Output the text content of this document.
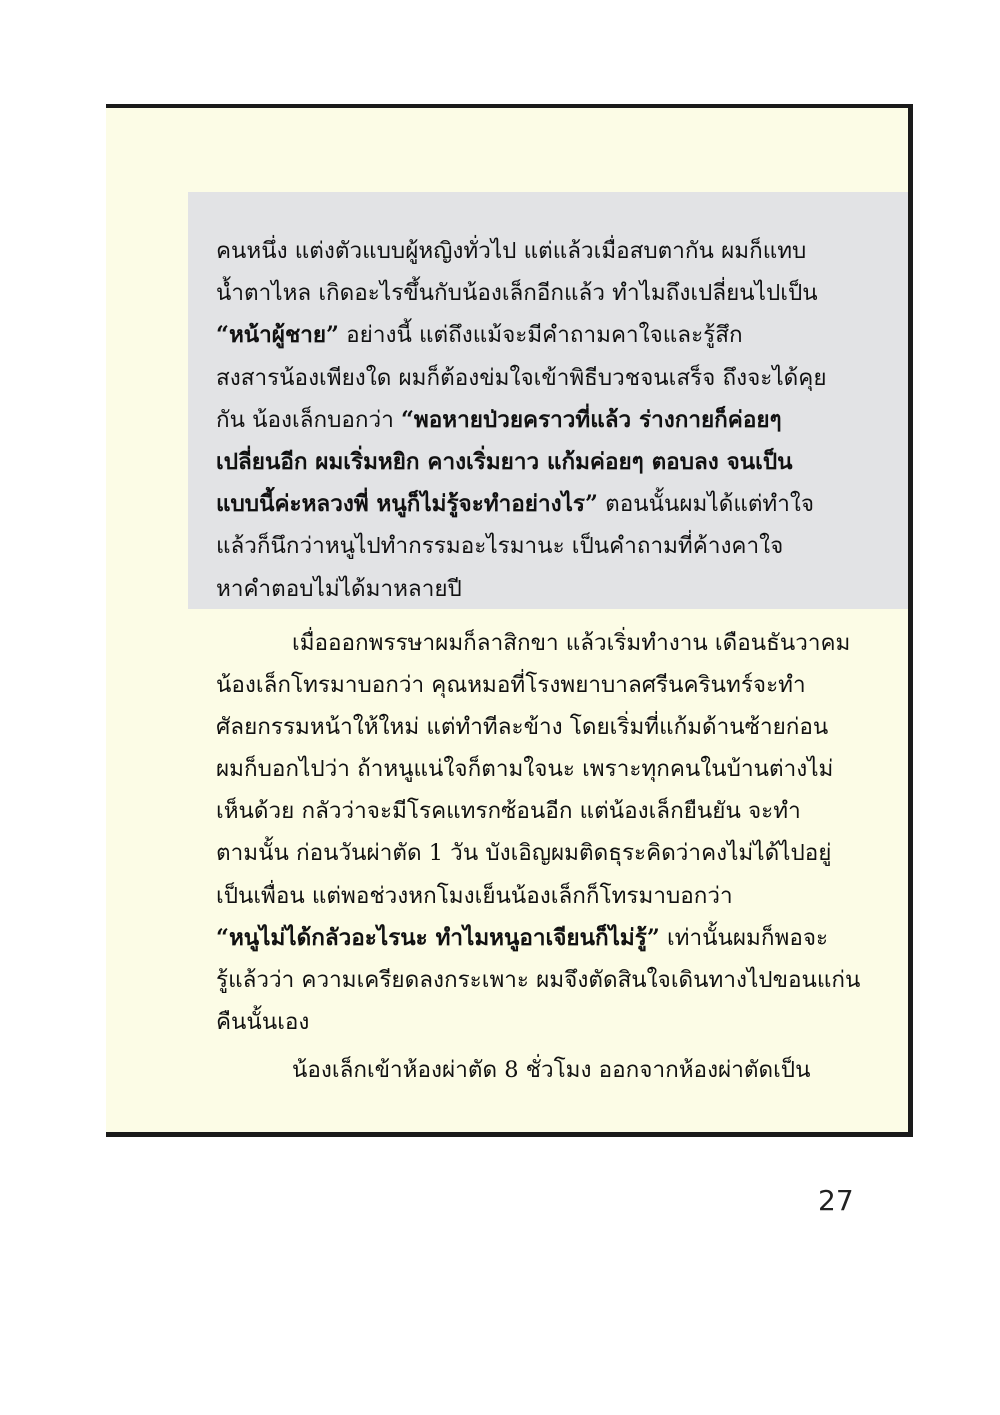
คนหนึ่ง แต่งตัวแบบผู้หญิงทั่วไป แต่แล้วเมื่อสบตากัน ผมก็แทบ
น้ำตาไหล เกิดอะไรขึ้นกับน้องเล็กอีกแล้ว ทำไมถึงเปลี่ยนไปเป็น
“หน้าผู้ชาย” อย่างนี้ แต่ถึงแม้จะมีคำถามคาใจและรู้สึก
สงสารน้องเพียงใด ผมก็ต้องข่มใจเข้าพิธีบวชจนเสร็จ ถึงจะได้คุย
กัน น้องเล็กบอกว่า “พอหายป่วยคราวที่แล้ว ร่างกายก็ค่อยๆ
เปลี่ยนอีก ผมเริ่มหยิก คางเริ่มยาว แก้มค่อยๆ ตอบลง จนเป็น
แบบนี้ค่ะหลวงพี่ หนูก็ไม่รู้จะทำอย่างไร” ตอนนั้นผมได้แต่ทำใจ
แล้วก็นึกว่าหนูไปทำกรรมอะไรมานะ เป็นคำถามที่ค้างคาใจ
หาคำตอบไม่ได้มาหลายปี
เมื่อออกพรรษาผมก็ลาสิกขา แล้วเริ่มทำงาน เดือนธันวาคม
น้องเล็กโทรมาบอกว่า คุณหมอที่โรงพยาบาลศรีนครินทร์จะทำ
ศัลยกรรมหน้าให้ใหม่ แต่ทำทีละข้าง โดยเริ่มที่แก้มด้านซ้ายก่อน
ผมก็บอกไปว่า ถ้าหนูแน่ใจก็ตามใจนะ เพราะทุกคนในบ้านต่างไม่
เห็นด้วย กลัวว่าจะมีโรคแทรกซ้อนอีก แต่น้องเล็กยืนยัน จะทำ
ตามนั้น ก่อนวันผ่าตัด 1 วัน บังเอิญผมติดธุระคิดว่าคงไม่ได้ไปอยู่
เป็นเพื่อน แต่พอช่วงหกโมงเย็นน้องเล็กก็โทรมาบอกว่า
“หนูไม่ได้กลัวอะไรนะ ทำไมหนูอาเจียนก็ไม่รู้” เท่านั้นผมก็พอจะ
รู้แล้วว่า ความเครียดลงกระเพาะ ผมจึงตัดสินใจเดินทางไปขอนแก่น
คืนนั้นเอง
น้องเล็กเข้าห้องผ่าตัด 8 ชั่วโมง ออกจากห้องผ่าตัดเป็น
27
